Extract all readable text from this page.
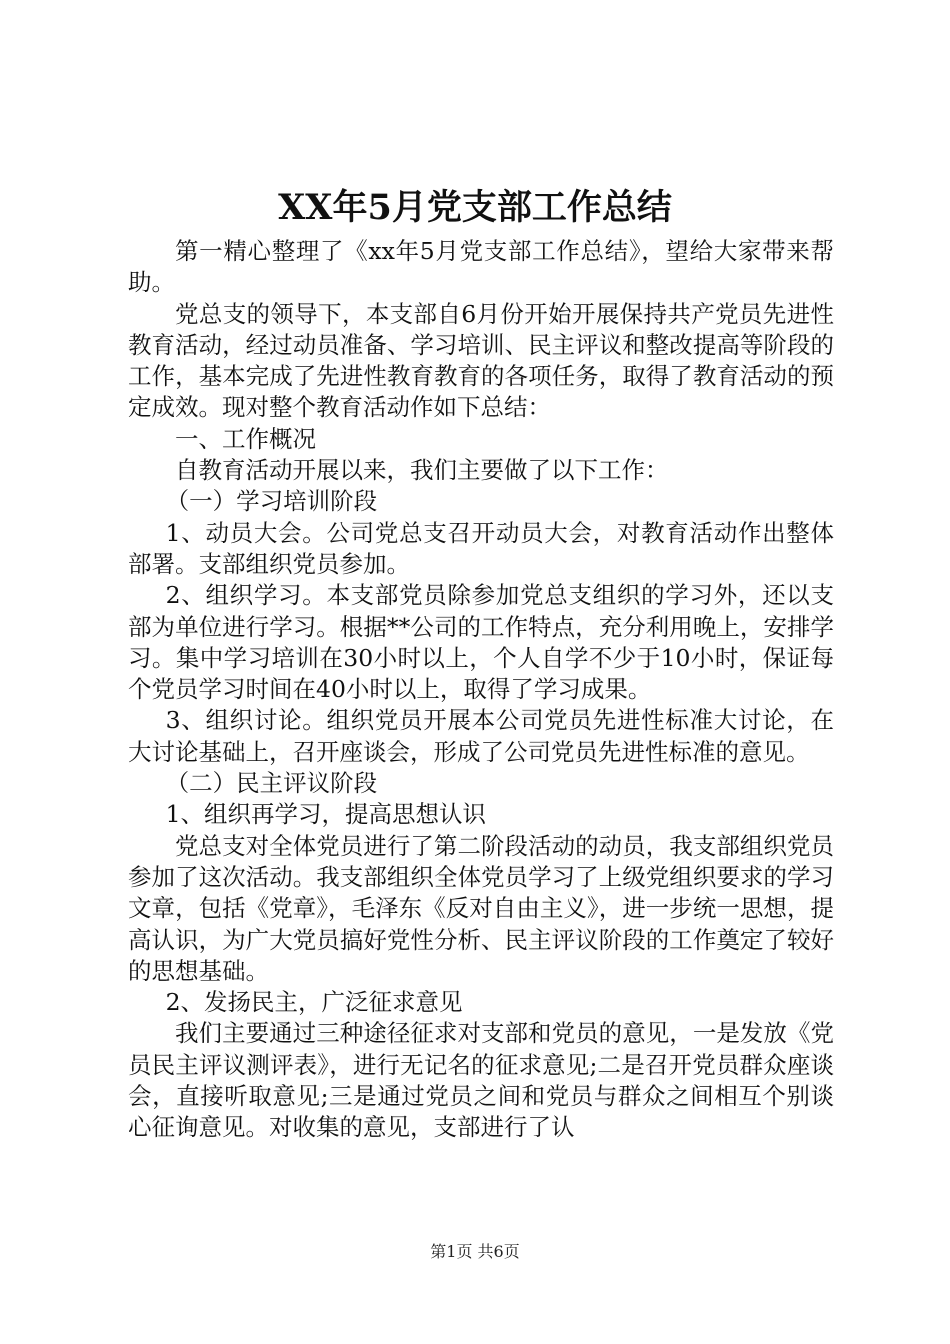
XX年5月党支部工作总结

第一精心整理了《xx年5月党支部工作总结》，望给大家带来帮助。

党总支的领导下，本支部自6月份开始开展保持共产党员先进性教育活动，经过动员准备、学习培训、民主评议和整改提高等阶段的工作，基本完成了先进性教育教育的各项任务，取得了教育活动的预定成效。现对整个教育活动作如下总结：

一、工作概况

自教育活动开展以来，我们主要做了以下工作：

（一）学习培训阶段

1、动员大会。公司党总支召开动员大会，对教育活动作出整体部署。支部组织党员参加。

2、组织学习。本支部党员除参加党总支组织的学习外，还以支部为单位进行学习。根据**公司的工作特点，充分利用晚上，安排学习。集中学习培训在30小时以上，个人自学不少于10小时，保证每个党员学习时间在40小时以上，取得了学习成果。

3、组织讨论。组织党员开展本公司党员先进性标准大讨论，在大讨论基础上，召开座谈会，形成了公司党员先进性标准的意见。

（二）民主评议阶段

1、组织再学习，提高思想认识

党总支对全体党员进行了第二阶段活动的动员，我支部组织党员参加了这次活动。我支部组织全体党员学习了上级党组织要求的学习文章，包括《党章》，毛泽东《反对自由主义》，进一步统一思想，提高认识，为广大党员搞好党性分析、民主评议阶段的工作奠定了较好的思想基础。

2、发扬民主，广泛征求意见

我们主要通过三种途径征求对支部和党员的意见，一是发放《党员民主评议测评表》，进行无记名的征求意见;二是召开党员群众座谈会，直接听取意见;三是通过党员之间和党员与群众之间相互个别谈心征询意见。对收集的意见，支部进行了认

第1页 共6页
